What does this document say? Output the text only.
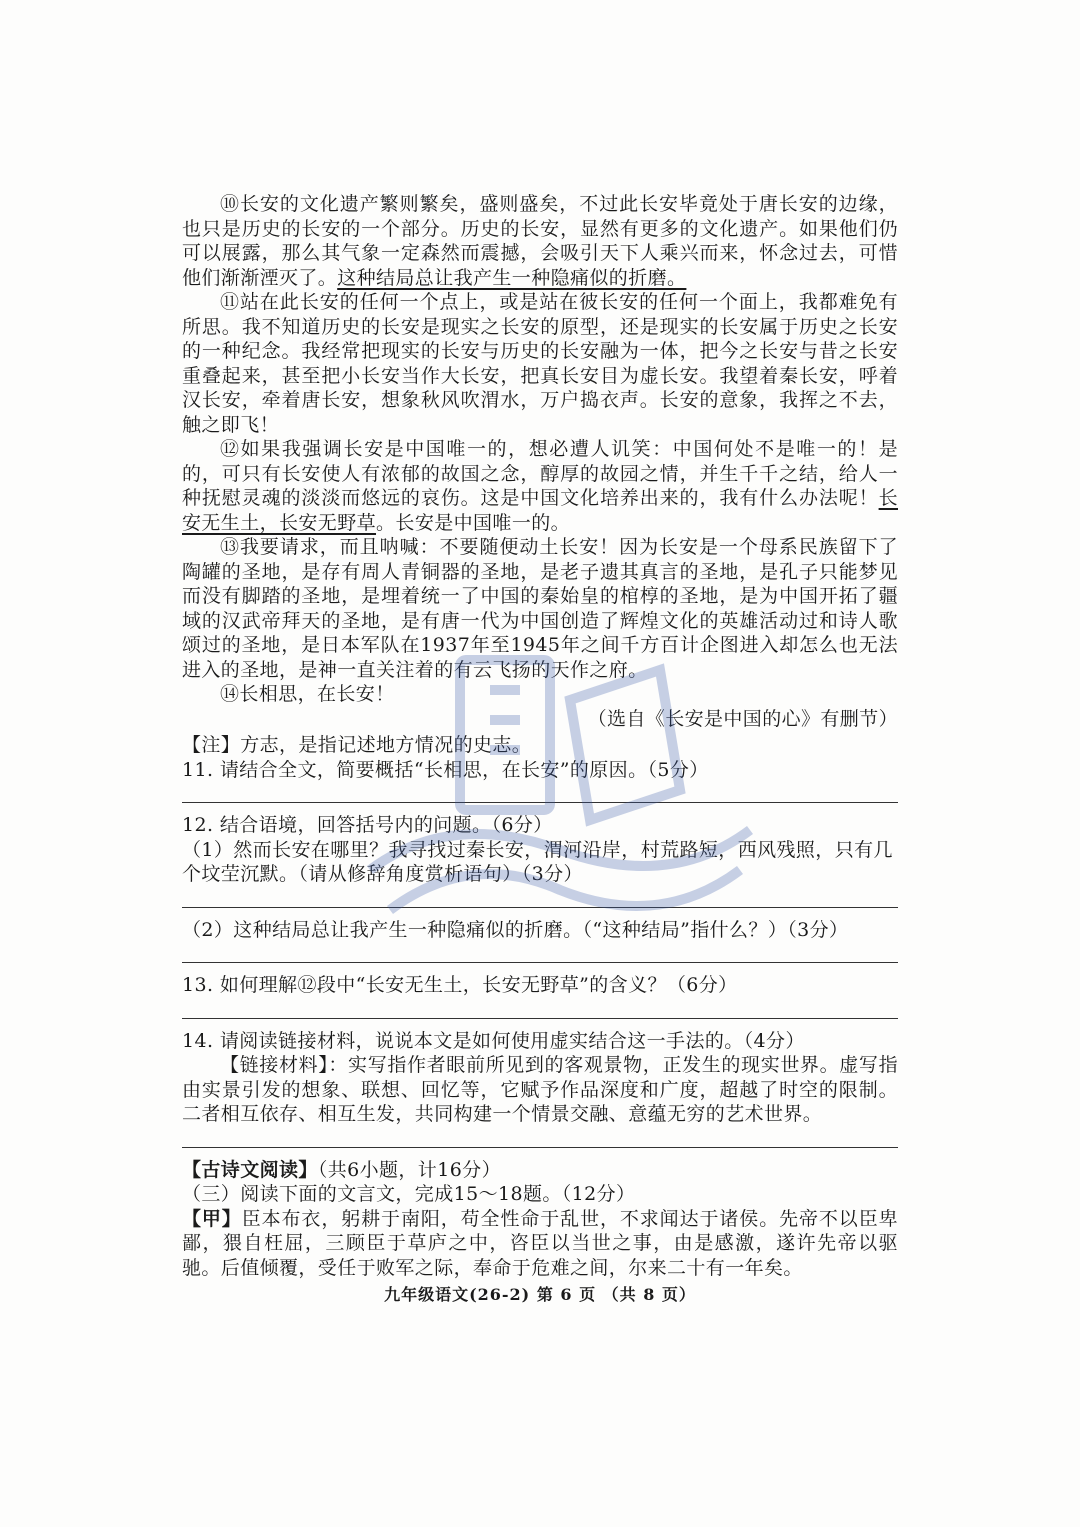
⑩长安的文化遗产繁则繁矣，盛则盛矣，不过此长安毕竟处于唐长安的边缘，也只是历史的长安的一个部分。历史的长安，显然有更多的文化遗产。如果他们仍可以展露，那么其气象一定森然而震撼，会吸引天下人乘兴而来，怀念过去，可惜他们渐渐湮灭了。这种结局总让我产生一种隐痛似的折磨。

⑪站在此长安的任何一个点上，或是站在彼长安的任何一个面上，我都难免有所思。我不知道历史的长安是现实之长安的原型，还是现实的长安属于历史之长安的一种纪念。我经常把现实的长安与历史的长安融为一体，把今之长安与昔之长安重叠起来，甚至把小长安当作大长安，把真长安目为虚长安。我望着秦长安，呼着汉长安，牵着唐长安，想象秋风吹渭水，万户捣衣声。长安的意象，我挥之不去，触之即飞！

⑫如果我强调长安是中国唯一的，想必遭人讥笑：中国何处不是唯一的！是的，可只有长安使人有浓郁的故国之念，醇厚的故园之情，并生千千之结，给人一种抚慰灵魂的淡淡而悠远的哀伤。这是中国文化培养出来的，我有什么办法呢！长安无生土，长安无野草。长安是中国唯一的。

⑬我要请求，而且呐喊：不要随便动土长安！因为长安是一个母系民族留下了陶罐的圣地，是存有周人青铜器的圣地，是老子遗其真言的圣地，是孔子只能梦见而没有脚踏的圣地，是埋着统一了中国的秦始皇的棺椁的圣地，是为中国开拓了疆域的汉武帝拜天的圣地，是有唐一代为中国创造了辉煌文化的英雄活动过和诗人歌颂过的圣地，是日本军队在1937年至1945年之间千方百计企图进入却怎么也无法进入的圣地，是神一直关注着的有云飞扬的天作之府。

⑭长相思，在长安！

（选自《长安是中国的心》有删节）

【注】方志，是指记述地方情况的史志。

11. 请结合全文，简要概括“长相思，在长安”的原因。（5分）

12. 结合语境，回答括号内的问题。（6分）

（1）然而长安在哪里？我寻找过秦长安，渭河沿岸，村荒路短，西风残照，只有几个坟茔沉默。（请从修辞角度赏析语句）（3分）

（2）这种结局总让我产生一种隐痛似的折磨。（“这种结局”指什么？）（3分）

13. 如何理解⑫段中“长安无生土，长安无野草”的含义？（6分）

14. 请阅读链接材料，说说本文是如何使用虚实结合这一手法的。（4分）

【链接材料】：实写指作者眼前所见到的客观景物，正发生的现实世界。虚写指由实景引发的想象、联想、回忆等，它赋予作品深度和广度，超越了时空的限制。二者相互依存、相互生发，共同构建一个情景交融、意蕴无穷的艺术世界。

【古诗文阅读】（共6小题，计16分）

（三）阅读下面的文言文，完成15～18题。（12分）

【甲】臣本布衣，躬耕于南阳，苟全性命于乱世，不求闻达于诸侯。先帝不以臣卑鄙，猥自枉屈，三顾臣于草庐之中，咨臣以当世之事，由是感激，遂许先帝以驱驰。后值倾覆，受任于败军之际，奉命于危难之间，尔来二十有一年矣。

九年级语文(26-2) 第 6 页 （共 8 页）
